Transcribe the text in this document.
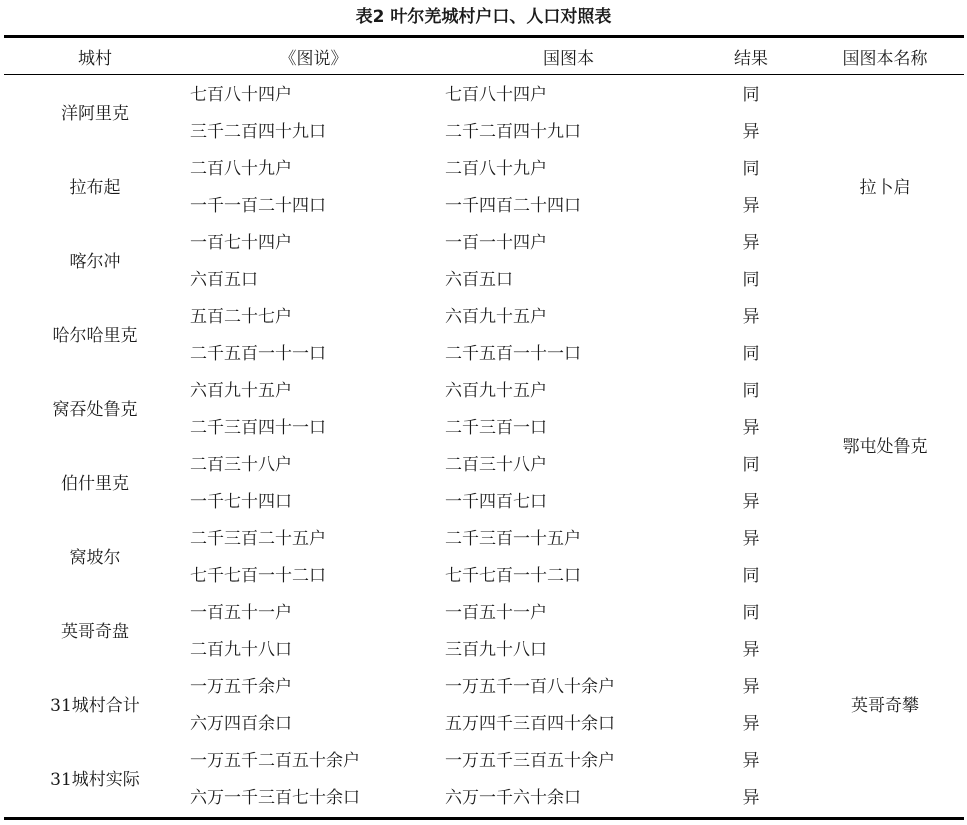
表2 叶尔羌城村户口、人口对照表
城村	《图说》	国图本	结果	国图本名称
洋阿里克	七百八十四户	七百八十四户	同	拉卜启
	三千二百四十九口	二千二百四十九口	异	
拉布起	二百八十九户	二百八十九户	同	
	一千一百二十四口	一千四百二十四口	异	
喀尔冲	一百七十四户	一百一十四户	异	
	六百五口	六百五口	同	
哈尔哈里克	五百二十七户	六百九十五户	异	鄂屯处鲁克
	二千五百一十一口	二千五百一十一口	同	
窝吞处鲁克	六百九十五户	六百九十五户	同	
	二千三百四十一口	二千三百一口	异	
伯什里克	二百三十八户	二百三十八户	同	
	一千七十四口	一千四百七口	异	
窝坡尔	二千三百二十五户	二千三百一十五户	异	
	七千七百一十二口	七千七百一十二口	同	
英哥奇盘	一百五十一户	一百五十一户	同	英哥奇攀
	二百九十八口	三百九十八口	异	
31城村合计	一万五千余户	一万五千一百八十余户	异	
	六万四百余口	五万四千三百四十余口	异	
31城村实际	一万五千二百五十余户	一万五千三百五十余户	异	
	六万一千三百七十余口	六万一千六十余口	异	
